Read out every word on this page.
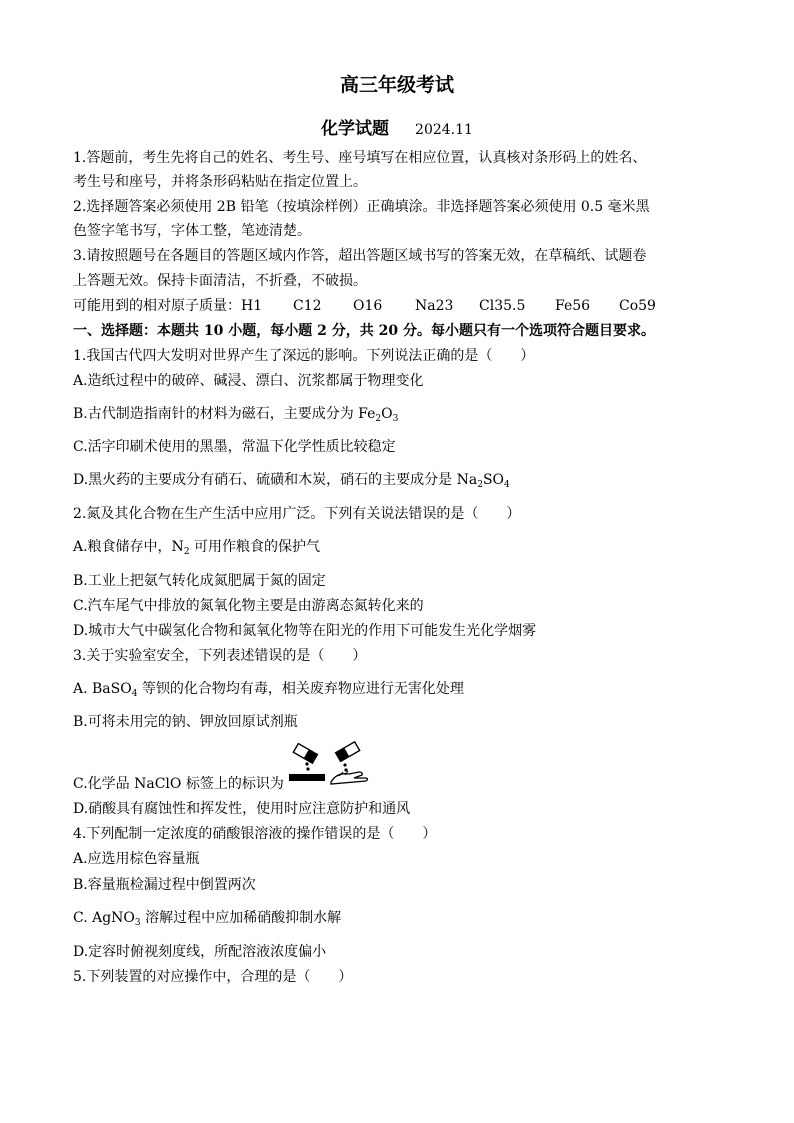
高三年级考试
化学试题 2024.11
1.答题前，考生先将自己的姓名、考生号、座号填写在相应位置，认真核对条形码上的姓名、
考生号和座号，并将条形码粘贴在指定位置上。
2.选择题答案必须使用 2B 铅笔（按填涂样例）正确填涂。非选择题答案必须使用 0.5 毫米黑
色签字笔书写，字体工整，笔迹清楚。
3.请按照题号在各题目的答题区域内作答，超出答题区域书写的答案无效，在草稿纸、试题卷
上答题无效。保持卡面清洁，不折叠，不破损。
可能用到的相对原子质量：H1 C12 O16 Na23 Cl35.5 Fe56 Co59
一、选择题：本题共 10 小题，每小题 2 分，共 20 分。每小题只有一个选项符合题目要求。
1.我国古代四大发明对世界产生了深远的影响。下列说法正确的是（　　）
A.造纸过程中的破碎、碱浸、漂白、沉浆都属于物理变化
B.古代制造指南针的材料为磁石，主要成分为 $Fe_2O_3$
C.活字印刷术使用的黑墨，常温下化学性质比较稳定
D.黑火药的主要成分有硝石、硫磺和木炭，硝石的主要成分是 $Na_2SO_4$
2.氮及其化合物在生产生活中应用广泛。下列有关说法错误的是（　　）
A.粮食储存中，$N_2$ 可用作粮食的保护气
B.工业上把氨气转化成氮肥属于氮的固定
C.汽车尾气中排放的氮氧化物主要是由游离态氮转化来的
D.城市大气中碳氢化合物和氮氧化物等在阳光的作用下可能发生光化学烟雾
3.关于实验室安全，下列表述错误的是（　　）
A. BaSO$_4$ 等钡的化合物均有毒，相关废弃物应进行无害化处理
B.可将未用完的钠、钾放回原试剂瓶
C.化学品 NaClO 标签上的标识为
D.硝酸具有腐蚀性和挥发性，使用时应注意防护和通风
4.下列配制一定浓度的硝酸银溶液的操作错误的是（　　）
A.应选用棕色容量瓶
B.容量瓶检漏过程中倒置两次
C. AgNO$_3$ 溶解过程中应加稀硝酸抑制水解
D.定容时俯视刻度线，所配溶液浓度偏小
5.下列装置的对应操作中，合理的是（　　）
